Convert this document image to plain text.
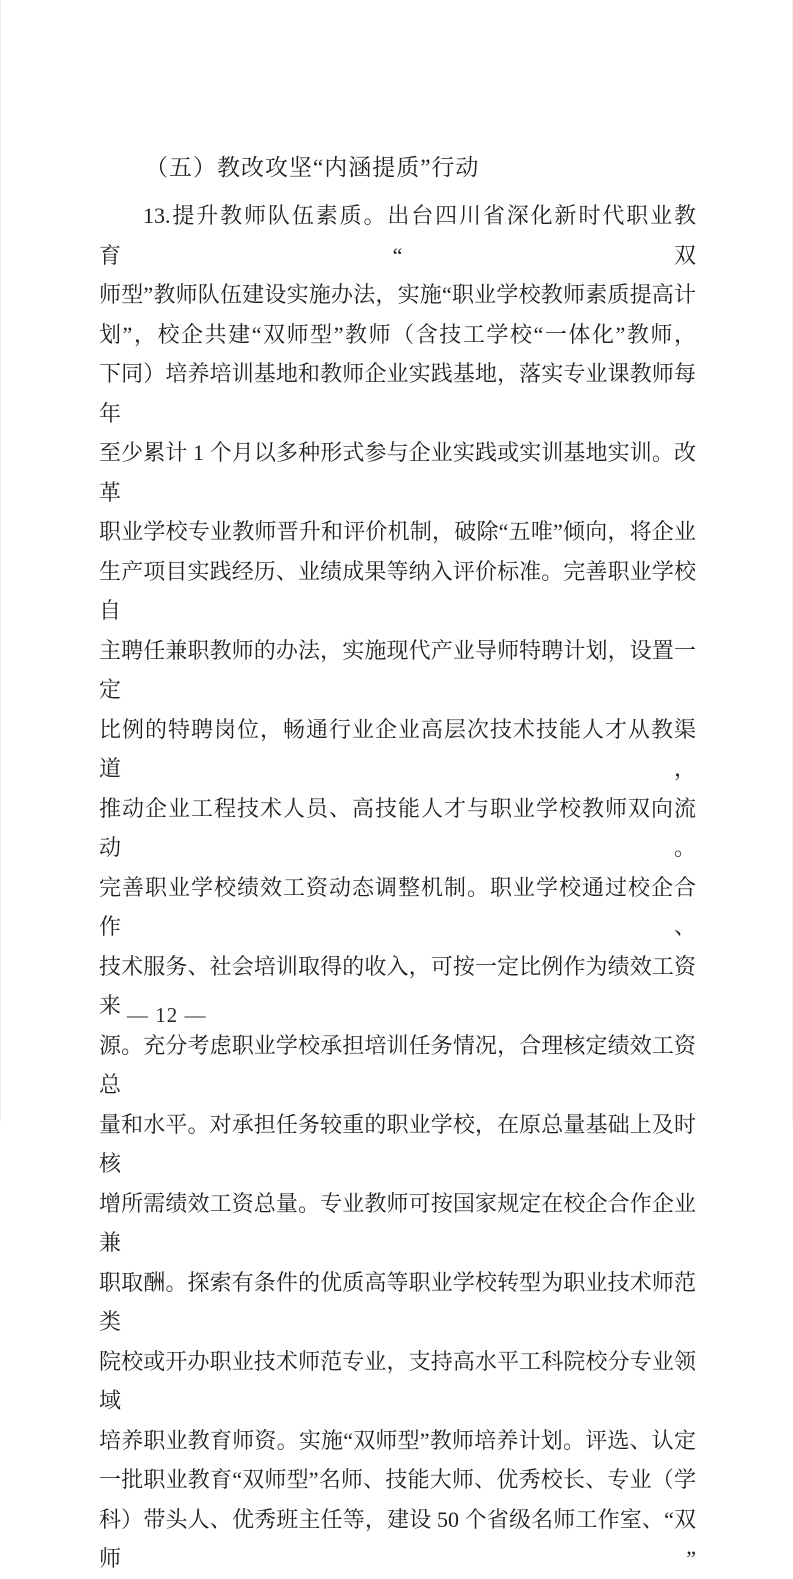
（五）教改攻坚“内涵提质”行动
13.提升教师队伍素质。出台四川省深化新时代职业教育“双
师型”教师队伍建设实施办法，实施“职业学校教师素质提高计
划”，校企共建“双师型”教师（含技工学校“一体化”教师，
下同）培养培训基地和教师企业实践基地，落实专业课教师每年
至少累计 1 个月以多种形式参与企业实践或实训基地实训。改革
职业学校专业教师晋升和评价机制，破除“五唯”倾向，将企业
生产项目实践经历、业绩成果等纳入评价标准。完善职业学校自
主聘任兼职教师的办法，实施现代产业导师特聘计划，设置一定
比例的特聘岗位，畅通行业企业高层次技术技能人才从教渠道，
推动企业工程技术人员、高技能人才与职业学校教师双向流动。
完善职业学校绩效工资动态调整机制。职业学校通过校企合作、
技术服务、社会培训取得的收入，可按一定比例作为绩效工资来
源。充分考虑职业学校承担培训任务情况，合理核定绩效工资总
量和水平。对承担任务较重的职业学校，在原总量基础上及时核
增所需绩效工资总量。专业教师可按国家规定在校企合作企业兼
职取酬。探索有条件的优质高等职业学校转型为职业技术师范类
院校或开办职业技术师范专业，支持高水平工科院校分专业领域
培养职业教育师资。实施“双师型”教师培养计划。评选、认定
一批职业教育“双师型”名师、技能大师、优秀校长、专业（学
科）带头人、优秀班主任等，建设 50 个省级名师工作室、“双师”
— 12 —
